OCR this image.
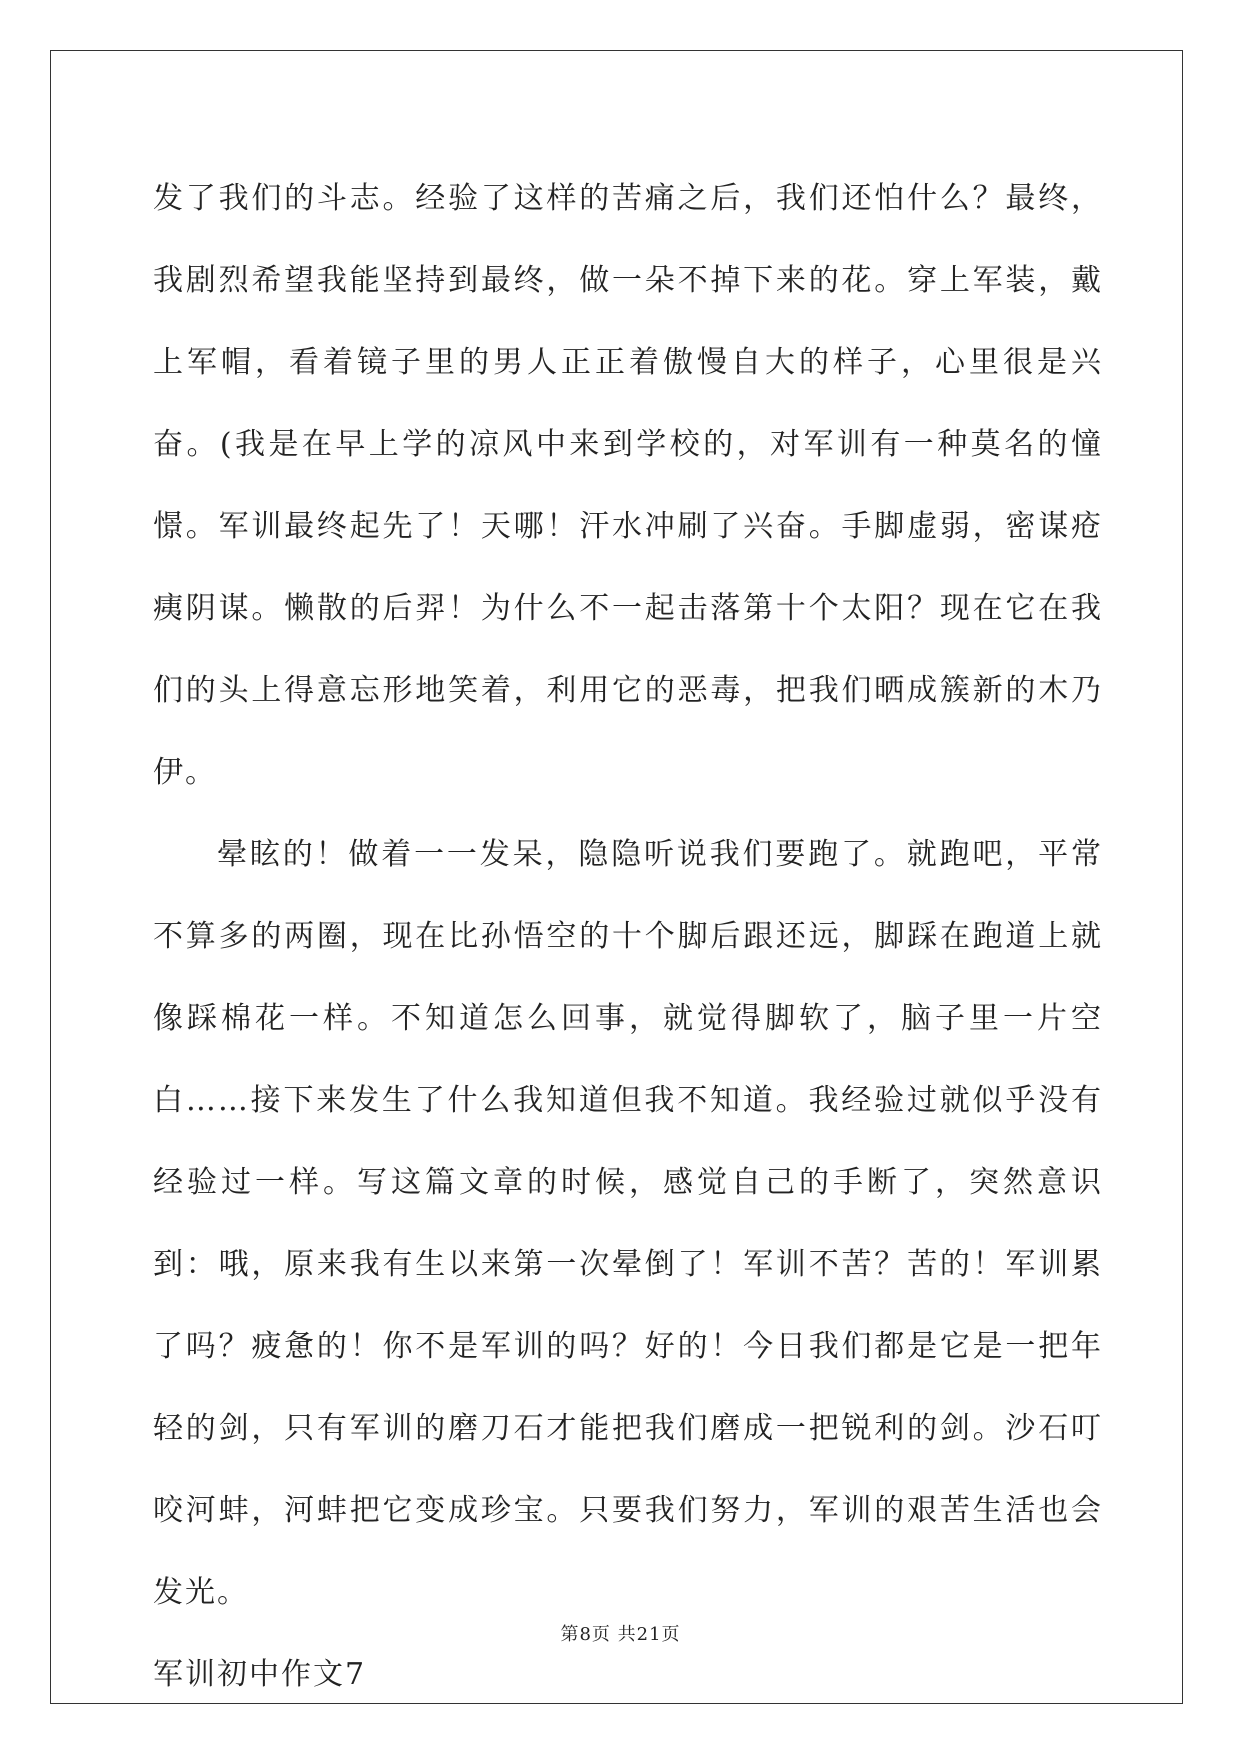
发了我们的斗志。经验了这样的苦痛之后，我们还怕什么？最终，我剧烈希望我能坚持到最终，做一朵不掉下来的花。穿上军装，戴上军帽，看着镜子里的男人正正着傲慢自大的样子，心里很是兴奋。(我是在早上学的凉风中来到学校的，对军训有一种莫名的憧憬。军训最终起先了！天哪！汗水冲刷了兴奋。手脚虚弱，密谋疮痍阴谋。懒散的后羿！为什么不一起击落第十个太阳？现在它在我们的头上得意忘形地笑着，利用它的恶毒，把我们晒成簇新的木乃伊。

晕眩的！做着一一发呆，隐隐听说我们要跑了。就跑吧，平常不算多的两圈，现在比孙悟空的十个脚后跟还远，脚踩在跑道上就像踩棉花一样。不知道怎么回事，就觉得脚软了，脑子里一片空白……接下来发生了什么我知道但我不知道。我经验过就似乎没有经验过一样。写这篇文章的时候，感觉自己的手断了，突然意识到：哦，原来我有生以来第一次晕倒了！军训不苦？苦的！军训累了吗？疲惫的！你不是军训的吗？好的！今日我们都是它是一把年轻的剑，只有军训的磨刀石才能把我们磨成一把锐利的剑。沙石叮咬河蚌，河蚌把它变成珍宝。只要我们努力，军训的艰苦生活也会发光。

军训初中作文7

第8页 共21页
